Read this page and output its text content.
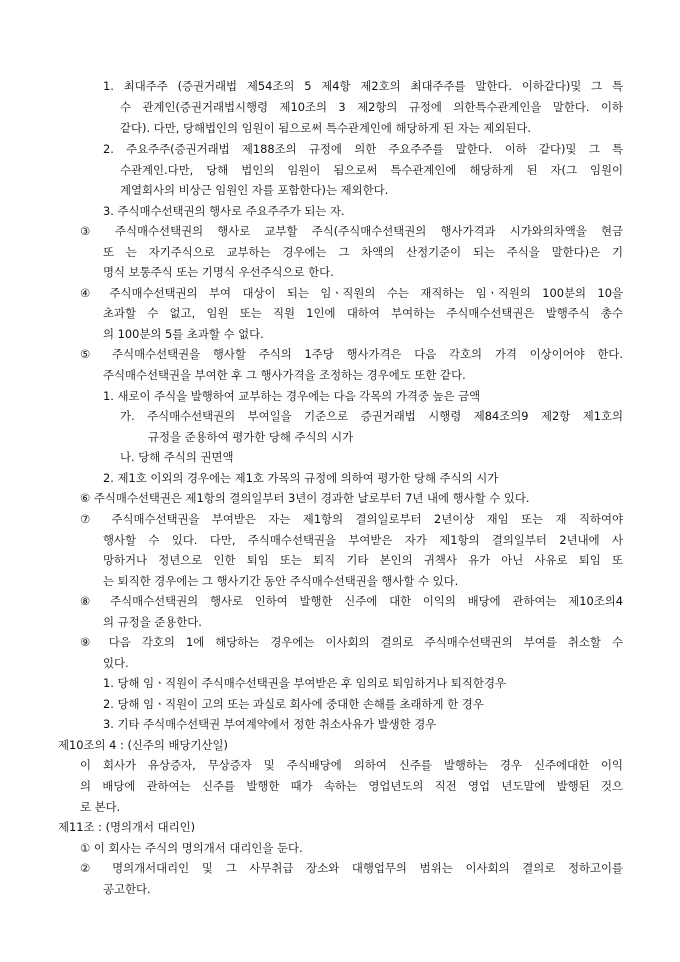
1. 최대주주 (증권거래법 제54조의 5 제4항 제2호의 최대주주를 말한다. 이하같다)및 그 특
수 관계인(증권거래법시행령 제10조의 3 제2항의 규정에 의한특수관계인을 말한다. 이하
같다). 다만, 당해법인의 임원이 됨으로써 특수관계인에 해당하게 된 자는 제외된다.
2. 주요주주(증권거래법 제188조의 규정에 의한 주요주주를 말한다. 이하 같다)및 그 특
수관계인.다만, 당해 법인의 임원이 됨으로써 특수관계인에 해당하게 된 자(그 임원이
계열회사의 비상근 임원인 자를 포함한다)는 제외한다.
3. 주식매수선택권의 행사로 주요주주가 되는 자.
③ 주식매수선택권의 행사로 교부할 주식(주식매수선택권의 행사가격과 시가와의차액을 현금
또 는 자기주식으로 교부하는 경우에는 그 차액의 산정기준이 되는 주식을 말한다)은 기
명식 보통주식 또는 기명식 우선주식으로 한다.
④ 주식매수선택권의 부여 대상이 되는 임ㆍ직원의 수는 재직하는 임ㆍ직원의 100분의 10을
초과할 수 없고, 임원 또는 직원 1인에 대하여 부여하는 주식매수선택권은 발행주식 총수
의 100분의 5를 초과할 수 없다.
⑤ 주식매수선택권을 행사할 주식의 1주당 행사가격은 다음 각호의 가격 이상이어야 한다.
주식매수선택권을 부여한 후 그 행사가격을 조정하는 경우에도 또한 같다.
1. 새로이 주식을 발행하여 교부하는 경우에는 다음 각목의 가격중 높은 금액
가. 주식매수선택권의 부여일을 기준으로 증권거래법 시행령 제84조의9 제2항 제1호의
규정을 준용하여 평가한 당해 주식의 시가
나. 당해 주식의 권면액
2. 제1호 이외의 경우에는 제1호 가목의 규정에 의하여 평가한 당해 주식의 시가
⑥ 주식매수선택권은 제1항의 결의일부터 3년이 경과한 날로부터 7년 내에 행사할 수 있다.
⑦ 주식매수선택권을 부여받은 자는 제1항의 결의일로부터 2년이상 재임 또는 재 직하여야
행사할 수 있다. 다만, 주식매수선택권을 부여받은 자가 제1항의 결의일부터 2년내에 사
망하거나 정년으로 인한 퇴임 또는 퇴직 기타 본인의 귀책사 유가 아닌 사유로 퇴임 또
는 퇴직한 경우에는 그 행사기간 동안 주식매수선택권을 행사할 수 있다.
⑧ 주식매수선택권의 행사로 인하여 발행한 신주에 대한 이익의 배당에 관하여는 제10조의4
의 규정을 준용한다.
⑨ 다음 각호의 1에 해당하는 경우에는 이사회의 결의로 주식매수선택권의 부여를 취소할 수
있다.
1. 당해 임ㆍ직원이 주식매수선택권을 부여받은 후 임의로 퇴임하거나 퇴직한경우
2. 당해 임ㆍ직원이 고의 또는 과실로 회사에 중대한 손해를 초래하게 한 경우
3. 기타 주식매수선택권 부여계약에서 정한 취소사유가 발생한 경우
제10조의 4 : (신주의 배당기산일)
이 회사가 유상증자, 무상증자 및 주식배당에 의하여 신주를 발행하는 경우 신주에대한 이익
의 배당에 관하여는 신주를 발행한 때가 속하는 영업년도의 직전 영업 년도말에 발행된 것으
로 본다.
제11조 : (명의개서 대리인)
① 이 회사는 주식의 명의개서 대리인을 둔다.
② 명의개서대리인 및 그 사무취급 장소와 대행업무의 범위는 이사회의 결의로 정하고이를
공고한다.
